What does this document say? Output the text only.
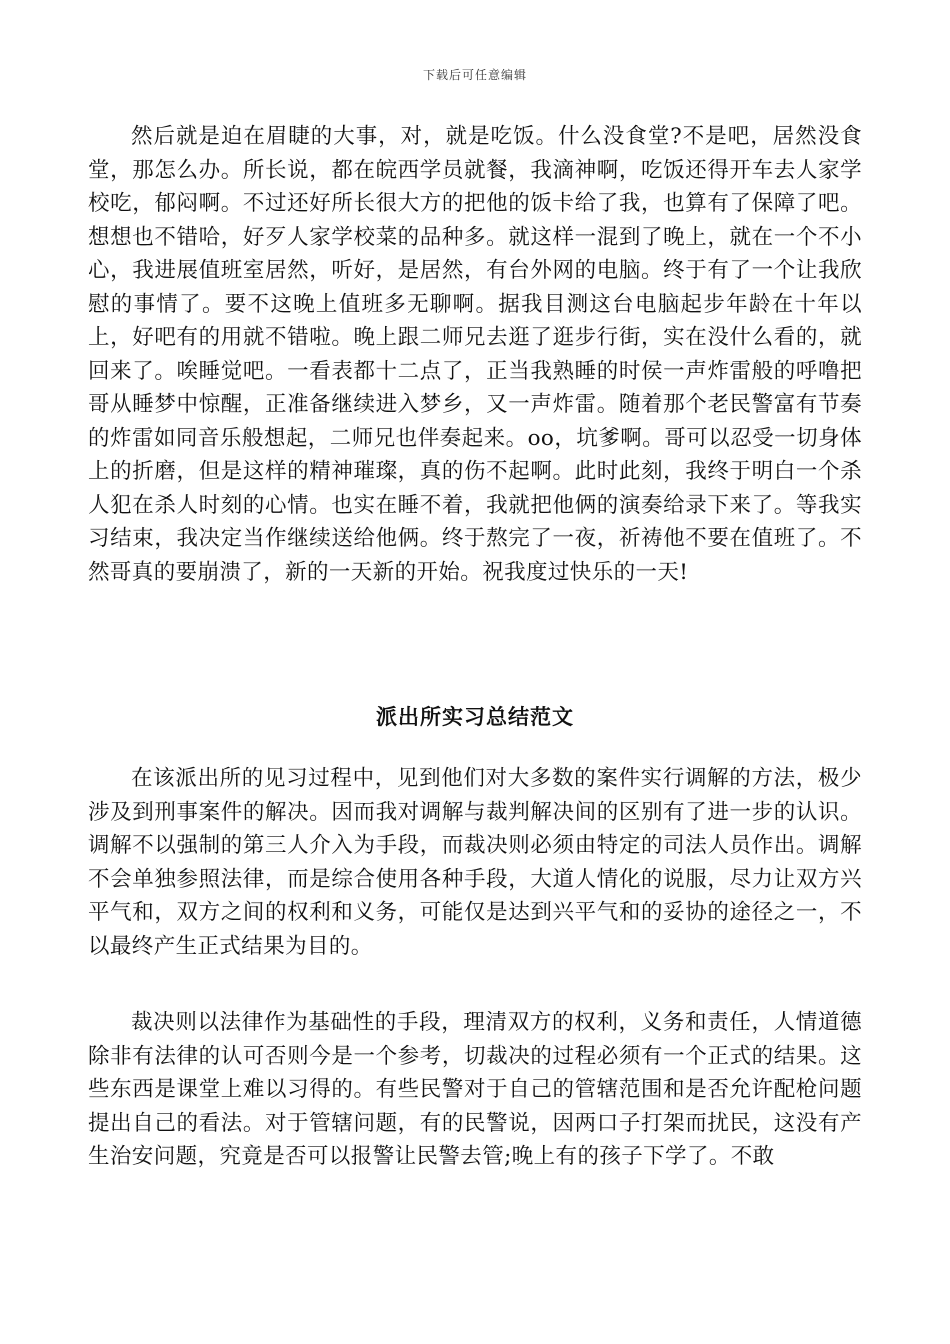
下载后可任意编辑

然后就是迫在眉睫的大事，对，就是吃饭。什么没食堂?不是吧，居然没食堂，那怎么办。所长说，都在皖西学员就餐，我滴神啊，吃饭还得开车去人家学校吃，郁闷啊。不过还好所长很大方的把他的饭卡给了我，也算有了保障了吧。想想也不错哈，好歹人家学校菜的品种多。就这样一混到了晚上，就在一个不小心，我进展值班室居然，听好，是居然，有台外网的电脑。终于有了一个让我欣慰的事情了。要不这晚上值班多无聊啊。据我目测这台电脑起步年龄在十年以上，好吧有的用就不错啦。晚上跟二师兄去逛了逛步行街，实在没什么看的，就回来了。唉睡觉吧。一看表都十二点了，正当我熟睡的时侯一声炸雷般的呼噜把哥从睡梦中惊醒，正准备继续进入梦乡，又一声炸雷。随着那个老民警富有节奏的炸雷如同音乐般想起，二师兄也伴奏起来。oo，坑爹啊。哥可以忍受一切身体上的折磨，但是这样的精神璀璨，真的伤不起啊。此时此刻，我终于明白一个杀人犯在杀人时刻的心情。也实在睡不着，我就把他俩的演奏给录下来了。等我实习结束，我决定当作继续送给他俩。终于熬完了一夜，祈祷他不要在值班了。不然哥真的要崩溃了，新的一天新的开始。祝我度过快乐的一天!

派出所实习总结范文

在该派出所的见习过程中，见到他们对大多数的案件实行调解的方法，极少涉及到刑事案件的解决。因而我对调解与裁判解决间的区别有了进一步的认识。调解不以强制的第三人介入为手段，而裁决则必须由特定的司法人员作出。调解不会单独参照法律，而是综合使用各种手段，大道人情化的说服，尽力让双方兴平气和，双方之间的权利和义务，可能仅是达到兴平气和的妥协的途径之一，不以最终产生正式结果为目的。

裁决则以法律作为基础性的手段，理清双方的权利，义务和责任，人情道德除非有法律的认可否则今是一个参考，切裁决的过程必须有一个正式的结果。这些东西是课堂上难以习得的。有些民警对于自己的管辖范围和是否允许配枪问题提出自己的看法。对于管辖问题，有的民警说，因两口子打架而扰民，这没有产生治安问题，究竟是否可以报警让民警去管;晚上有的孩子下学了。不敢
